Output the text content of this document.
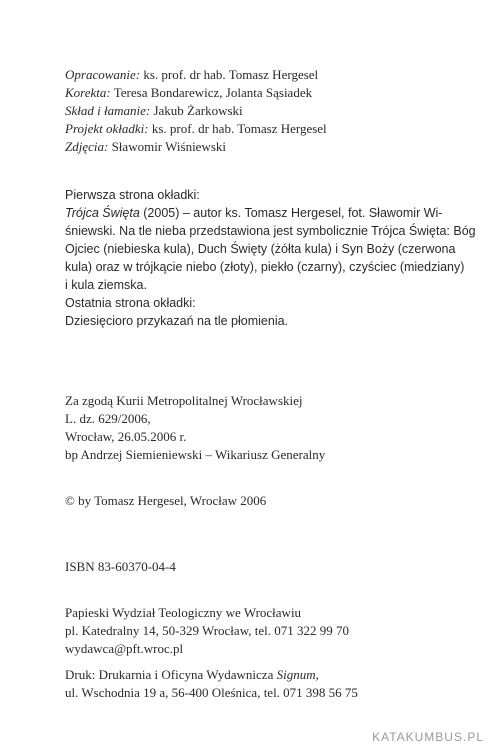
Opracowanie: ks. prof. dr hab. Tomasz Hergesel
Korekta: Teresa Bondarewicz, Jolanta Sąsiadek
Skład i łamanie: Jakub Żarkowski
Projekt okładki: ks. prof. dr hab. Tomasz Hergesel
Zdjęcia: Sławomir Wiśniewski
Pierwsza strona okładki:
Trójca Święta (2005) – autor ks. Tomasz Hergesel, fot. Sławomir Wi-
śniewski. Na tle nieba przedstawiona jest symbolicznie Trójca Święta: Bóg
Ojciec (niebieska kula), Duch Święty (żółta kula) i Syn Boży (czerwona
kula) oraz w trójkącie niebo (złoty), piekło (czarny), czyściec (miedziany)
i kula ziemska.
Ostatnia strona okładki:
Dziesięcioro przykazań na tle płomienia.
Za zgodą Kurii Metropolitalnej Wrocławskiej
L. dz. 629/2006,
Wrocław, 26.05.2006 r.
bp Andrzej Siemieniewski – Wikariusz Generalny
© by Tomasz Hergesel, Wrocław 2006
ISBN 83-60370-04-4
Papieski Wydział Teologiczny we Wrocławiu
pl. Katedralny 14, 50-329 Wrocław, tel. 071 322 99 70
wydawca@pft.wroc.pl
Druk: Drukarnia i Oficyna Wydawnicza Signum,
ul. Wschodnia 19 a, 56-400 Oleśnica, tel. 071 398 56 75
KATAKUMBUS.PL
